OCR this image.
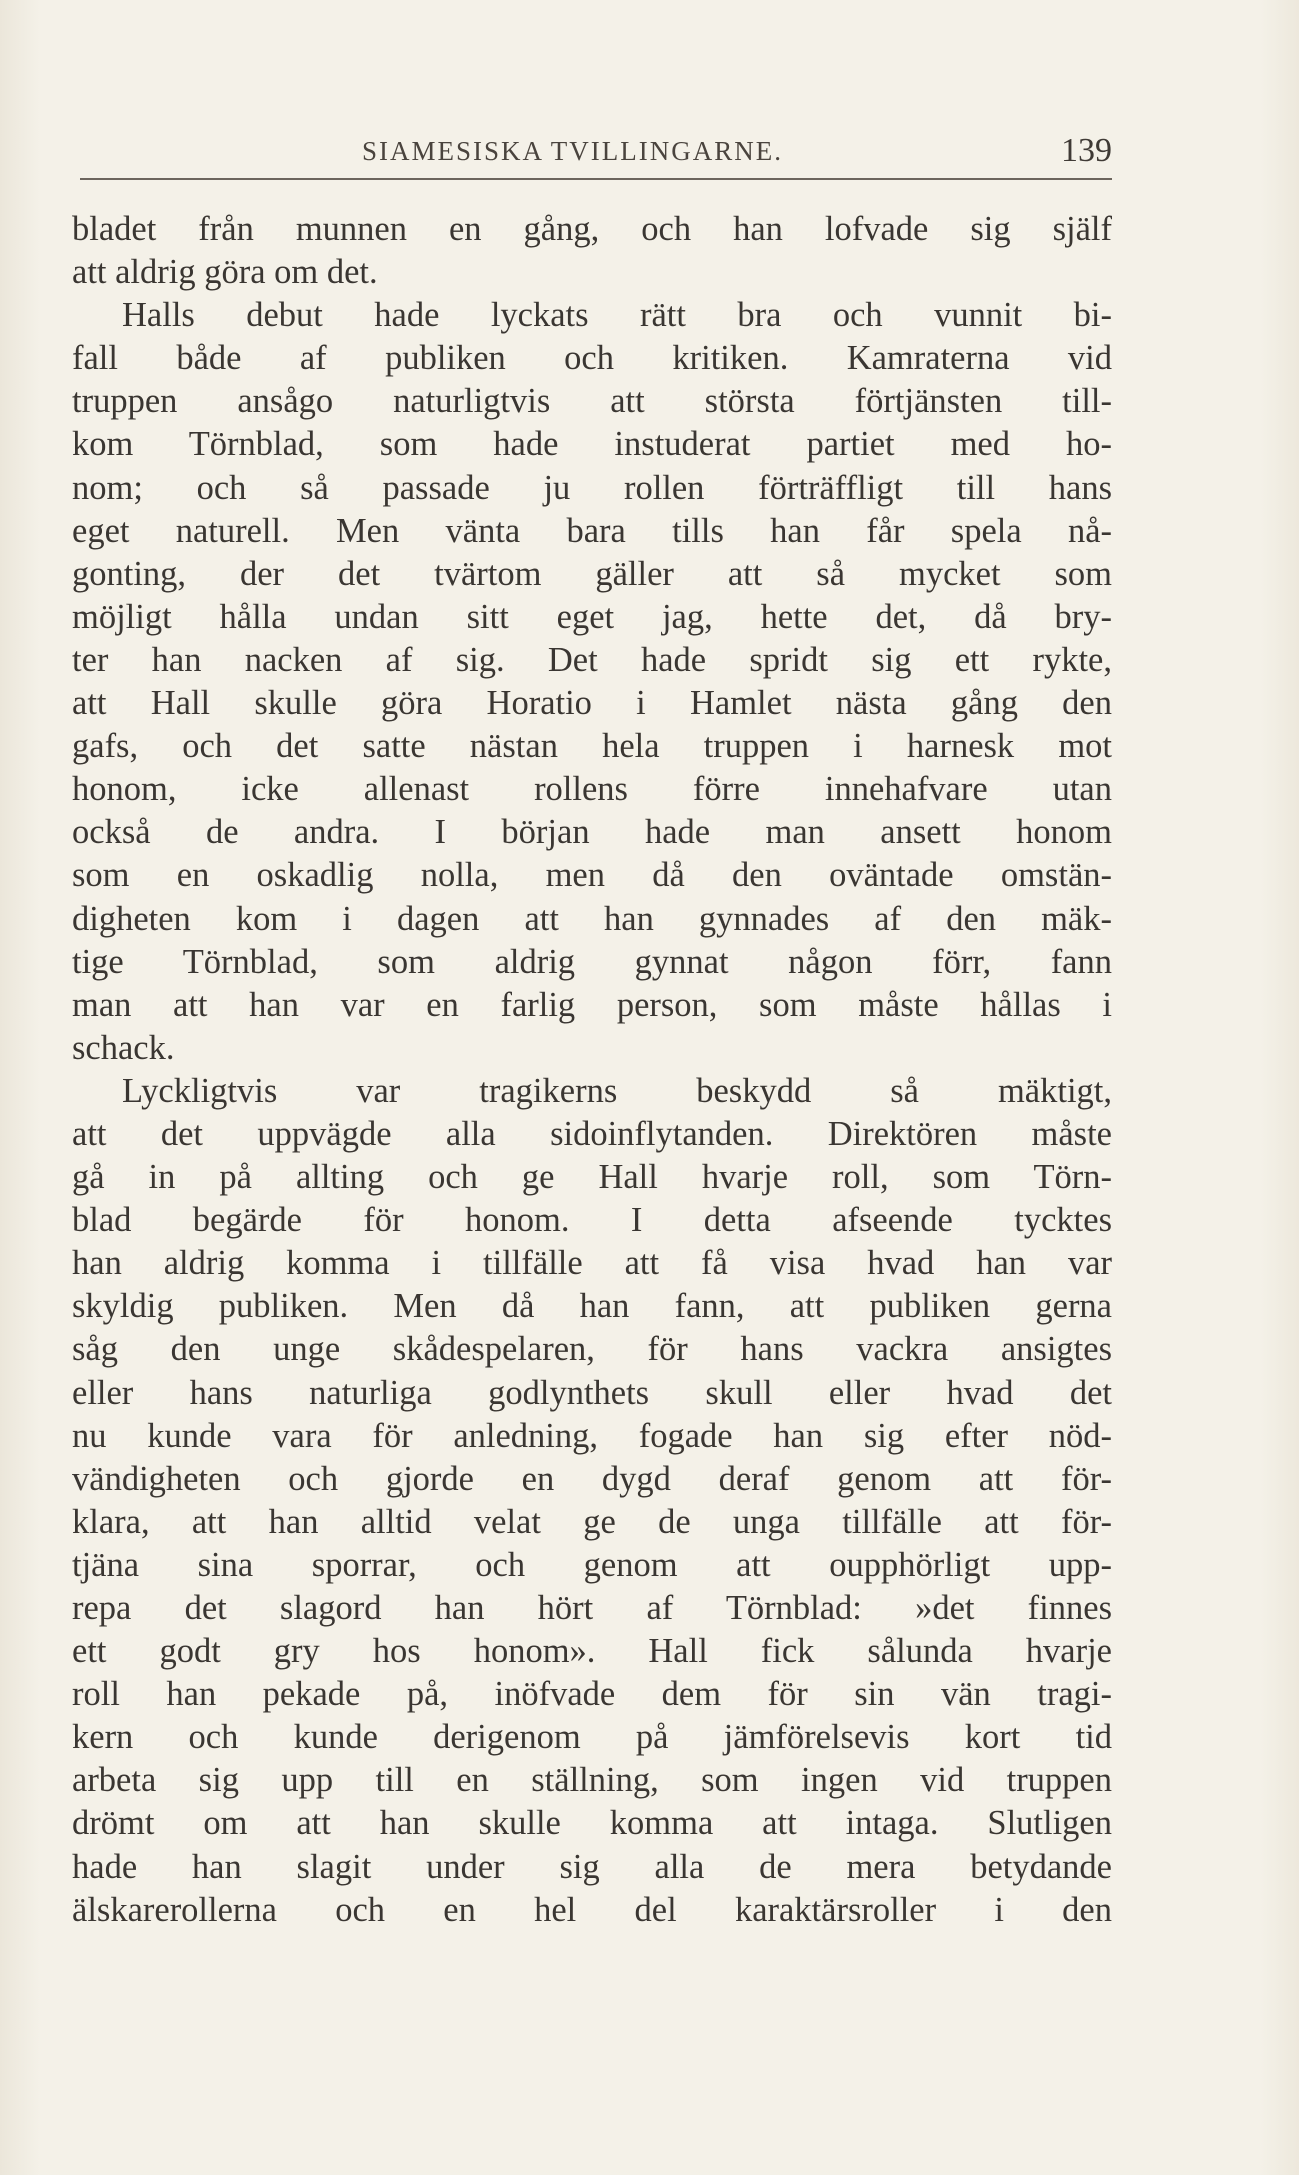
SIAMESISKA TVILLINGARNE.	139
bladet från munnen en gång, och han lofvade sig själf
att aldrig göra om det.
Halls debut hade lyckats rätt bra och vunnit bi-
fall både af publiken och kritiken. Kamraterna vid
truppen ansågo naturligtvis att största förtjänsten till-
kom Törnblad, som hade instuderat partiet med ho-
nom; och så passade ju rollen förträffligt till hans
eget naturell. Men vänta bara tills han får spela nå-
gonting, der det tvärtom gäller att så mycket som
möjligt hålla undan sitt eget jag, hette det, då bry-
ter han nacken af sig. Det hade spridt sig ett rykte,
att Hall skulle göra Horatio i Hamlet nästa gång den
gafs, och det satte nästan hela truppen i harnesk mot
honom, icke allenast rollens förre innehafvare utan
också de andra. I början hade man ansett honom
som en oskadlig nolla, men då den oväntade omstän-
digheten kom i dagen att han gynnades af den mäk-
tige Törnblad, som aldrig gynnat någon förr, fann
man att han var en farlig person, som måste hållas i
schack.
Lyckligtvis var tragikerns beskydd så mäktigt,
att det uppvägde alla sidoinflytanden. Direktören måste
gå in på allting och ge Hall hvarje roll, som Törn-
blad begärde för honom. I detta afseende tycktes
han aldrig komma i tillfälle att få visa hvad han var
skyldig publiken. Men då han fann, att publiken gerna
såg den unge skådespelaren, för hans vackra ansigtes
eller hans naturliga godlynthets skull eller hvad det
nu kunde vara för anledning, fogade han sig efter nöd-
vändigheten och gjorde en dygd deraf genom att för-
klara, att han alltid velat ge de unga tillfälle att för-
tjäna sina sporrar, och genom att oupphörligt upp-
repa det slagord han hört af Törnblad: »det finnes
ett godt gry hos honom». Hall fick sålunda hvarje
roll han pekade på, inöfvade dem för sin vän tragi-
kern och kunde derigenom på jämförelsevis kort tid
arbeta sig upp till en ställning, som ingen vid truppen
drömt om att han skulle komma att intaga. Slutligen
hade han slagit under sig alla de mera betydande
älskarerollerna och en hel del karaktärsroller i den
